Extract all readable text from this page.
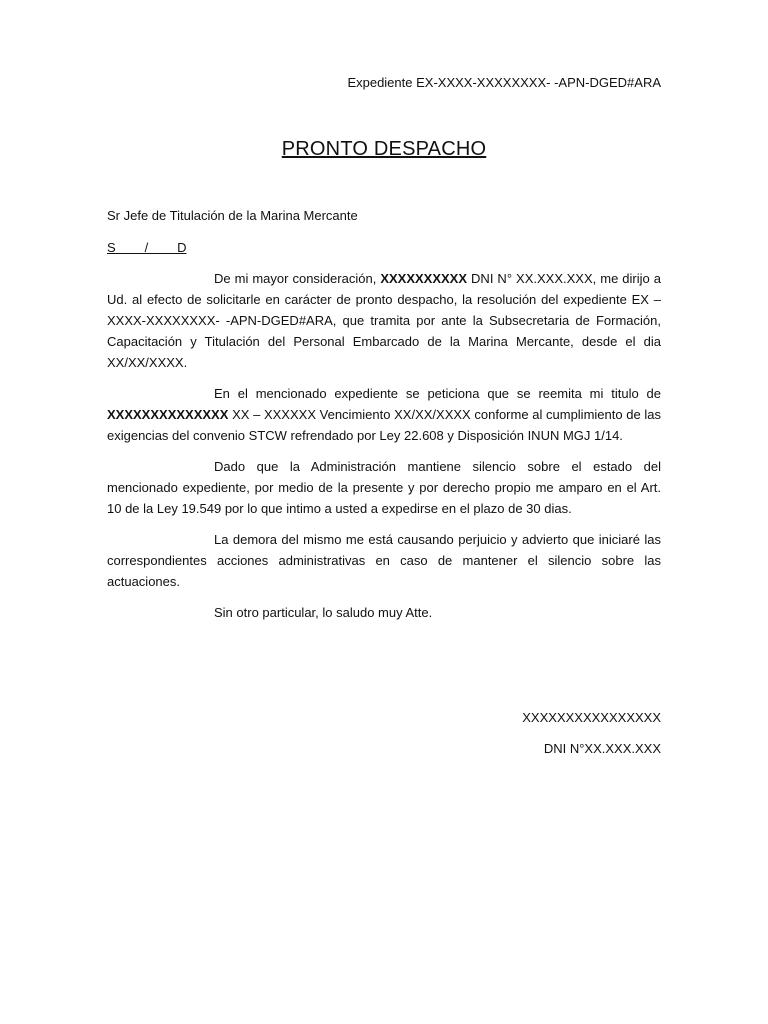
Expediente EX-XXXX-XXXXXXXX- -APN-DGED#ARA
PRONTO DESPACHO
Sr Jefe de Titulación de la Marina Mercante
S        /        D

De mi mayor consideración, XXXXXXXXXX DNI N° XX.XXX.XXX, me dirijo a Ud. al efecto de solicitarle en carácter de pronto despacho, la resolución del expediente EX – XXXX-XXXXXXXX- -APN-DGED#ARA, que tramita por ante la Subsecretaria de Formación, Capacitación y Titulación del Personal Embarcado de la Marina Mercante, desde el dia XX/XX/XXXX.

En el mencionado expediente se peticiona que se reemita mi titulo de XXXXXXXXXXXXXX XX – XXXXXX Vencimiento XX/XX/XXXX conforme al cumplimiento de las exigencias del convenio STCW refrendado por Ley 22.608 y Disposición INUN MGJ 1/14.

Dado que la Administración mantiene silencio sobre el estado del mencionado expediente, por medio de la presente y por derecho propio me amparo en el Art. 10 de la Ley 19.549 por lo que intimo a usted a expedirse en el plazo de 30 dias.

La demora del mismo me está causando perjuicio y advierto que iniciaré las correspondientes acciones administrativas en caso de mantener el silencio sobre las actuaciones.

Sin otro particular, lo saludo muy Atte.

XXXXXXXXXXXXXXXX
DNI N°XX.XXX.XXX
